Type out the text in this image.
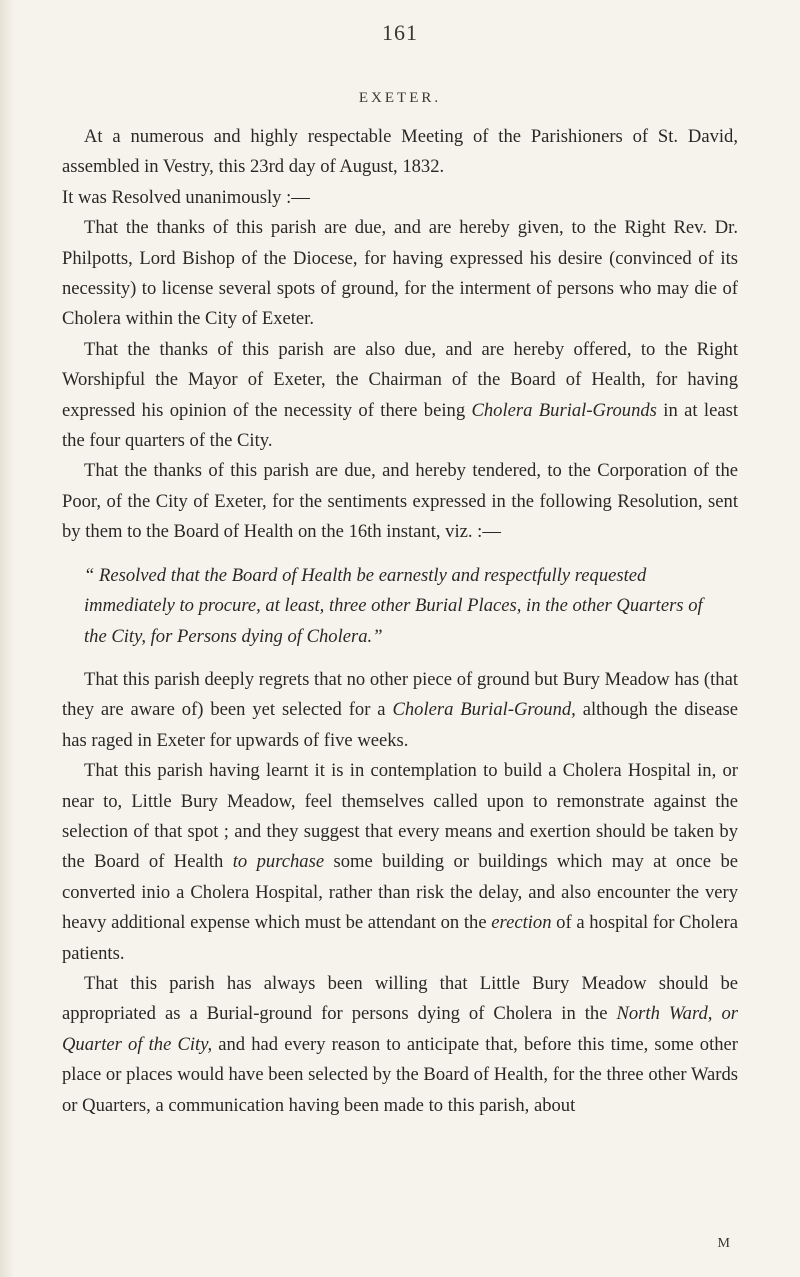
161
EXETER.

At a numerous and highly respectable Meeting of the Parishioners of St. David, assembled in Vestry, this 23rd day of August, 1832.

It was Resolved unanimously :—

That the thanks of this parish are due, and are hereby given, to the Right Rev. Dr. Philpotts, Lord Bishop of the Diocese, for having expressed his desire (convinced of its necessity) to license several spots of ground, for the interment of persons who may die of Cholera within the City of Exeter.

That the thanks of this parish are also due, and are hereby offered, to the Right Worshipful the Mayor of Exeter, the Chairman of the Board of Health, for having expressed his opinion of the necessity of there being Cholera Burial-Grounds in at least the four quarters of the City.

That the thanks of this parish are due, and hereby tendered, to the Corporation of the Poor, of the City of Exeter, for the sentiments expressed in the following Resolution, sent by them to the Board of Health on the 16th instant, viz. :—

“ Resolved that the Board of Health be earnestly and respectfully requested immediately to procure, at least, three other Burial Places, in the other Quarters of the City, for Persons dying of Cholera.”

That this parish deeply regrets that no other piece of ground but Bury Meadow has (that they are aware of) been yet selected for a Cholera Burial-Ground, although the disease has raged in Exeter for upwards of five weeks.

That this parish having learnt it is in contemplation to build a Cholera Hospital in, or near to, Little Bury Meadow, feel themselves called upon to remonstrate against the selection of that spot ; and they suggest that every means and exertion should be taken by the Board of Health to purchase some building or buildings which may at once be converted inio a Cholera Hospital, rather than risk the delay, and also encounter the very heavy additional expense which must be attendant on the erection of a hospital for Cholera patients.

That this parish has always been willing that Little Bury Meadow should be appropriated as a Burial-ground for persons dying of Cholera in the North Ward, or Quarter of the City, and had every reason to anticipate that, before this time, some other place or places would have been selected by the Board of Health, for the three other Wards or Quarters, a communication having been made to this parish, about

M
